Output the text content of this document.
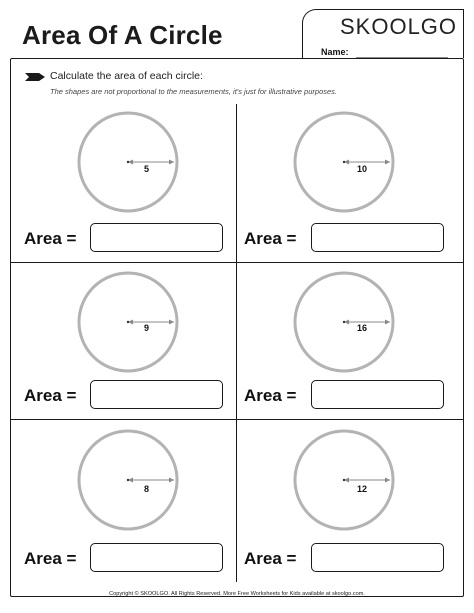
Area Of A Circle	SKOOLGO
Name:
Calculate the area of each circle:
The shapes are not proportional to the measurements, it's just for illustrative purposes.
5
Area =
10
Area =
9
Area =
16
Area =
8
Area =
12
Area =
Copyright © SKOOLGO. All Rights Reserved. More Free Worksheets for Kids available at skoolgo.com.
